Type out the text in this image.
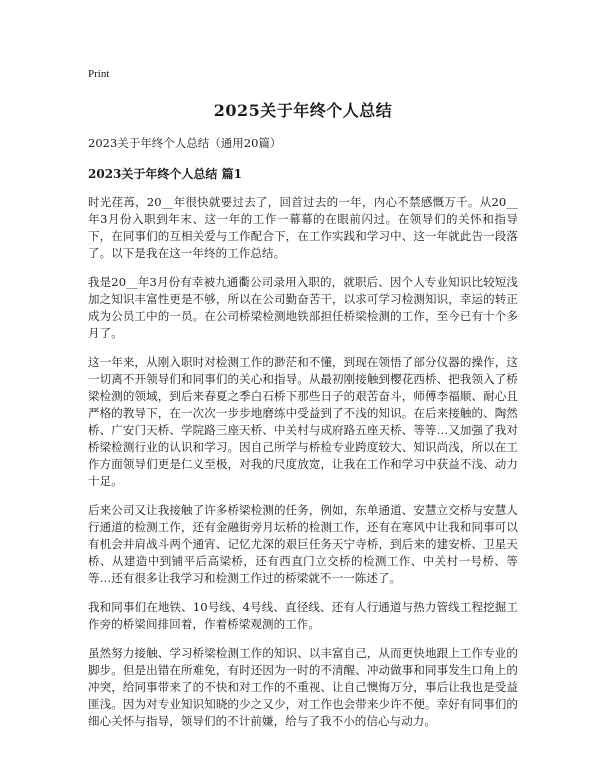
Print
2025关于年终个人总结
2023关于年终个人总结（通用20篇）
2023关于年终个人总结 篇1

时光荏苒，20__年很快就要过去了，回首过去的一年，内心不禁感慨万千。从20__年3月份入职到年末、这一年的工作一幕幕的在眼前闪过。在领导们的关怀和指导下，在同事们的互相关爱与工作配合下，在工作实践和学习中、这一年就此告一段落了。以下是我在这一年终的工作总结。

我是20__年3月份有幸被九通衢公司录用入职的，就职后、因个人专业知识比较短浅加之知识丰富性更是不够，所以在公司勤奋苦干，以求可学习检测知识，幸运的转正成为公员工中的一员。在公司桥梁检测地铁部担任桥梁检测的工作，至今已有十个多月了。

这一年来，从刚入职时对检测工作的渺茫和不懂，到现在领悟了部分仪器的操作，这一切离不开领导们和同事们的关心和指导。从最初刚接触到樱花西桥、把我领入了桥梁检测的领域，到后来春夏之季白石桥下那些日子的艰苦奋斗，师傅李福顺、耐心且严格的教导下，在一次次一步步地磨练中受益到了不浅的知识。在后来接触的、陶然桥、广安门天桥、学院路三座天桥、中关村与成府路五座天桥、等等…又加强了我对桥梁检测行业的认识和学习。因自己所学与桥检专业跨度较大、知识尚浅，所以在工作方面领导们更是仁义至极，对我的尺度放宽，让我在工作和学习中获益不浅、动力十足。

后来公司又让我接触了许多桥梁检测的任务，例如，东单通道、安慧立交桥与安慧人行通道的检测工作，还有金融街旁月坛桥的检测工作，还有在寒风中让我和同事可以有机会并肩战斗两个通宵、记忆尤深的艰巨任务天宁寺桥，到后来的建安桥、卫星天桥、从建造中到铺平后高梁桥，还有西直门立交桥的检测工作、中关村一号桥、等等…还有很多让我学习和检测工作过的桥梁就不一一陈述了。

我和同事们在地铁、10号线、4号线、直径线、还有人行通道与热力管线工程挖掘工作旁的桥梁间排回着，作着桥梁观测的工作。

虽然努力接触、学习桥梁检测工作的知识、以丰富自己，从而更快地跟上工作专业的脚步。但是出错在所难免，有时还因为一时的不清醒、冲动做事和同事发生口角上的冲突，给同事带来了的不快和对工作的不重视、让自己懊悔万分，事后让我也是受益匪浅。因为对专业知识知晓的少之又少，对工作也会带来少许不便。幸好有同事们的细心关怀与指导，领导们的不计前嫌，给与了我不小的信心与动力。
